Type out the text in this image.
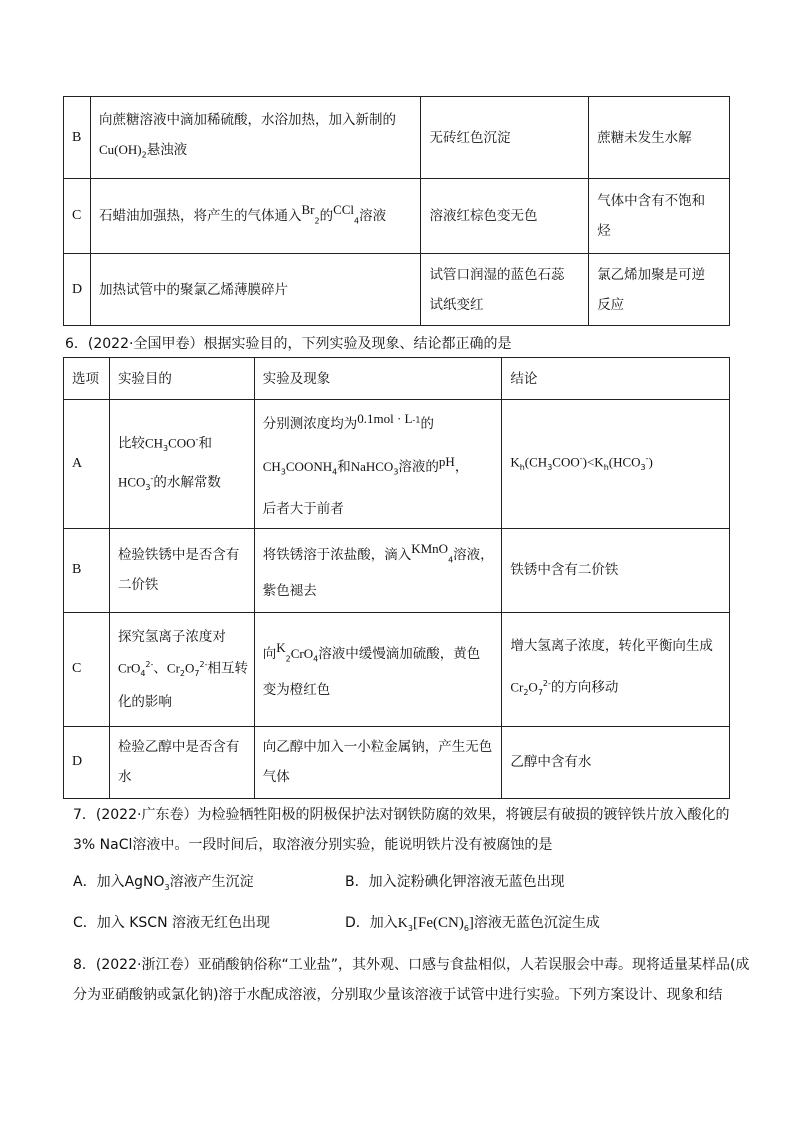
B	向蔗糖溶液中滴加稀硫酸，水浴加热，加入新制的
$Cu(OH)_2$悬浊液	无砖红色沉淀	蔗糖未发生水解
C	石蜡油加强热，将产生的气体通入$Br_2$的CCl$_4$溶液	溶液红棕色变无色	气体中含有不饱和
烃
D	加热试管中的聚氯乙烯薄膜碎片	试管口润湿的蓝色石蕊
试纸变红	氯乙烯加聚是可逆
反应
6．(2022·全国甲卷）根据实验目的，下列实验及现象、结论都正确的是
选项	实验目的	实验及现象	结论
A	比较$CH_3COO^-$和
$HCO_3^-$的水解常数	分别测浓度均为$0.1mol \cdot L^{-1}$的
$CH_3COONH_4$和NaHCO$_3$溶液的pH，
后者大于前者	$K_h(CH_3COO^-)<K_h(HCO_3^-)$
B	检验铁锈中是否含有
二价铁	将铁锈溶于浓盐酸，滴入KMnO$_4$溶液，
紫色褪去	铁锈中含有二价铁
C	探究氢离子浓度对
CrO$_4^{2-}$、$Cr_2O_7^{2-}$相互转
化的影响	向$K_2CrO_4$溶液中缓慢滴加硫酸，黄色
变为橙红色	增大氢离子浓度，转化平衡向生成
$Cr_2O_7^{2-}$的方向移动
D	检验乙醇中是否含有
水	向乙醇中加入一小粒金属钠，产生无色
气体	乙醇中含有水
7．(2022·广东卷）为检验牺牲阳极的阴极保护法对钢铁防腐的效果，将镀层有破损的镀锌铁片放入酸化的
3% NaCl溶液中。一段时间后，取溶液分别实验，能说明铁片没有被腐蚀的是
A．加入AgNO$_3$溶液产生沉淀	B．加入淀粉碘化钾溶液无蓝色出现
C．加入 KSCN 溶液无红色出现	D．加入$K_3[Fe(CN)_6]$溶液无蓝色沉淀生成
8．(2022·浙江卷）亚硝酸钠俗称“工业盐”，其外观、口感与食盐相似，人若误服会中毒。现将适量某样品(成
分为亚硝酸钠或氯化钠)溶于水配成溶液，分别取少量该溶液于试管中进行实验。下列方案设计、现象和结
